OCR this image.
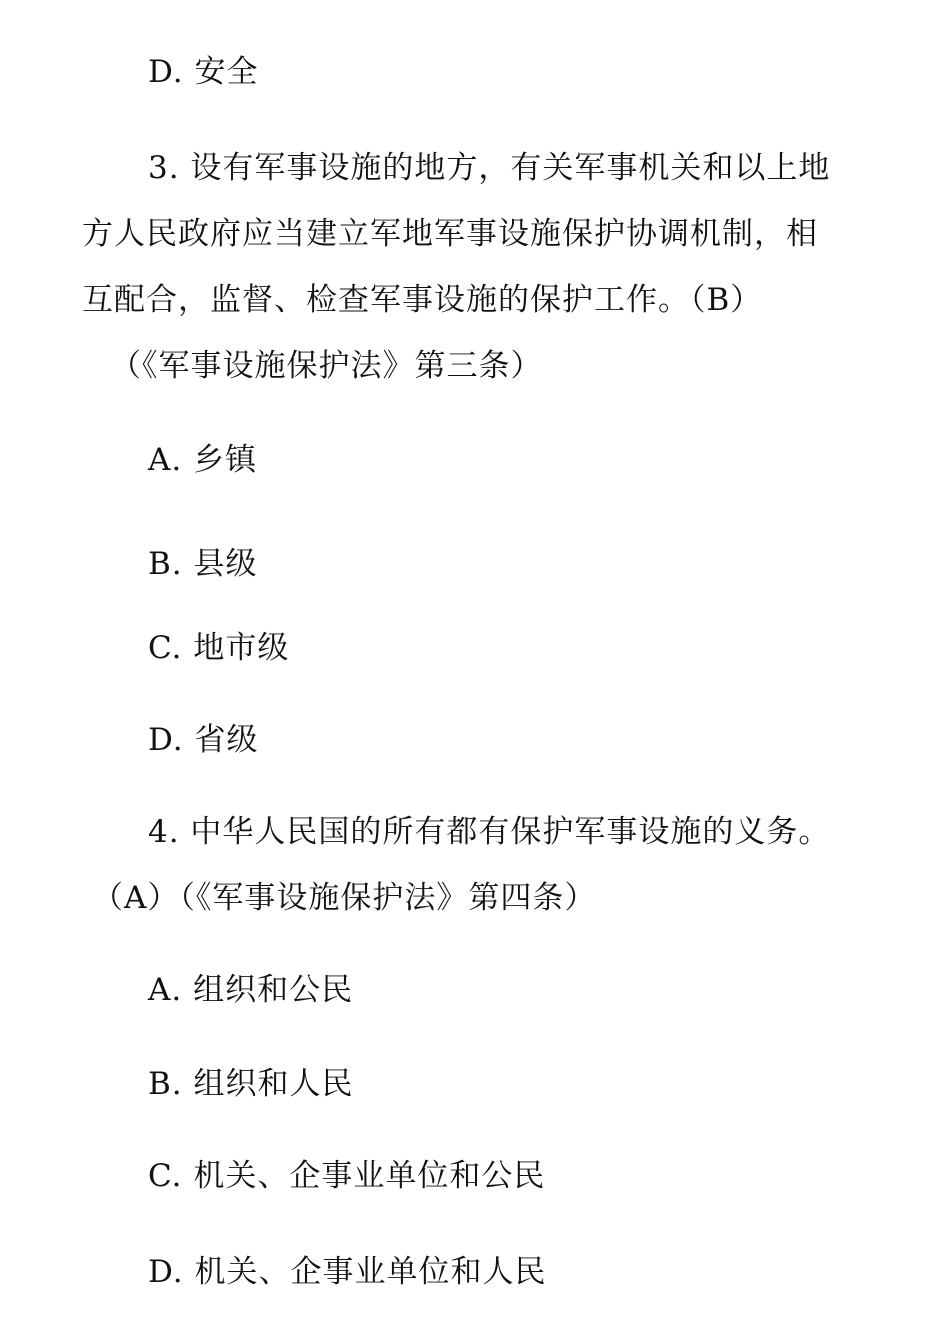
D. 安全
3. 设有军事设施的地方，有关军事机关和以上地
方人民政府应当建立军地军事设施保护协调机制，相
互配合，监督、检查军事设施的保护工作。（B）
（《军事设施保护法》第三条）
A. 乡镇
B. 县级
C. 地市级
D. 省级
4. 中华人民国的所有都有保护军事设施的义务。
（A）（《军事设施保护法》第四条）
A. 组织和公民
B. 组织和人民
C. 机关、企事业单位和公民
D. 机关、企事业单位和人民
